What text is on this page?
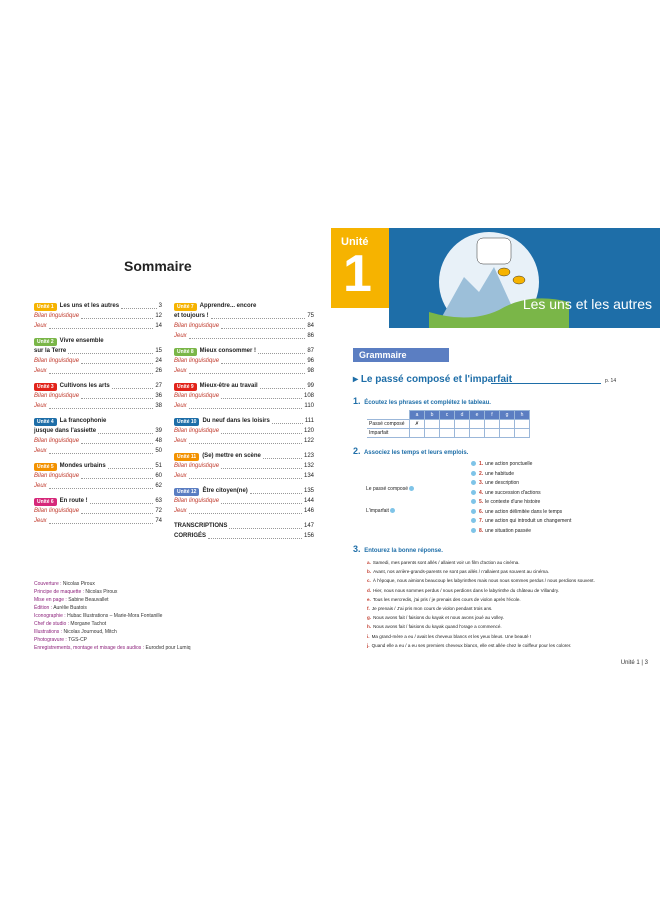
Sommaire
Unité 1	Les uns et les autres	3
Bilan linguistique	12
Jeux	14
Unité 2	Vivre ensemble
sur la Terre	15
Bilan linguistique	24
Jeux	26
Unité 3	Cultivons les arts	27
Bilan linguistique	36
Jeux	38
Unité 4	La francophonie
jusque dans l'assiette	39
Bilan linguistique	48
Jeux	50
Unité 5	Mondes urbains	51
Bilan linguistique	60
Jeux	62
Unité 6	En route !	63
Bilan linguistique	72
Jeux	74
Unité 7	Apprendre... encore
et toujours !	75
Bilan linguistique	84
Jeux	86
Unité 8	Mieux consommer !	87
Bilan linguistique	96
Jeux	98
Unité 9	Mieux-être au travail	99
Bilan linguistique	108
Jeux	110
Unité 10	Du neuf dans les loisirs	111
Bilan linguistique	120
Jeux	122
Unité 11	(Se) mettre en scène	123
Bilan linguistique	132
Jeux	134
Unité 12	Être citoyen(ne)	135
Bilan linguistique	144
Jeux	146
TRANSCRIPTIONS	147
CORRIGÉS	156
Couverture : Nicolas Piroux
Principe de maquette : Nicolas Piroux
Mise en page : Sabine Beauvallet
Édition : Aurélie Buatois
Iconographie : Hubac Illustrations – Marie-Mora Fontanille
Chef de studio : Morgane Tachot
Illustrations : Nicolas Journoud, Mitch
Photogravure : TGS-CP
Enregistrements, montage et mixage des audios : Eurodvd pour Lumiq
Les uns et les autres
Unité
1
Grammaire
▸ Le passé composé et l'imparfait	p. 14
1. Écoutez les phrases et complétez le tableau.
	a	b	c	d	e	f	g	h
Passé composé	✗							
Imparfait								
2. Associez les temps et leurs emplois.
Le passé composé
L'imparfait
1. une action ponctuelle
2. une habitude
3. une description
4. une succession d'actions
5. le contexte d'une histoire
6. une action délimitée dans le temps
7. une action qui introduit un changement
8. une situation passée
3. Entourez la bonne réponse.
a. Samedi, mes parents sont allés / allaient voir un film d'action au cinéma.
b. Avant, nos arrière-grands-parents ne sont pas allés / n'allaient pas souvent au cinéma.
c. À l'époque, nous aimions beaucoup les labyrinthes mais nous nous sommes perdus / nous perdions souvent.
d. Hier, nous nous sommes perdus / nous perdions dans le labyrinthe du château de Villandry.
e. Tous les mercredis, j'ai pris / je prenais des cours de violon après l'école.
f. Je prenais / J'ai pris mon cours de violon pendant trois ans.
g. Nous avons fait / faisions du kayak et nous avons joué au volley.
h. Nous avons fait / faisions du kayak quand l'orage a commencé.
i. Ma grand-mère a eu / avait les cheveux blancs et les yeux bleus. Une beauté !
j. Quand elle a eu / a eu ses premiers cheveux blancs, elle est allée chez le coiffeur pour les colorer.
Unité 1 | 3
